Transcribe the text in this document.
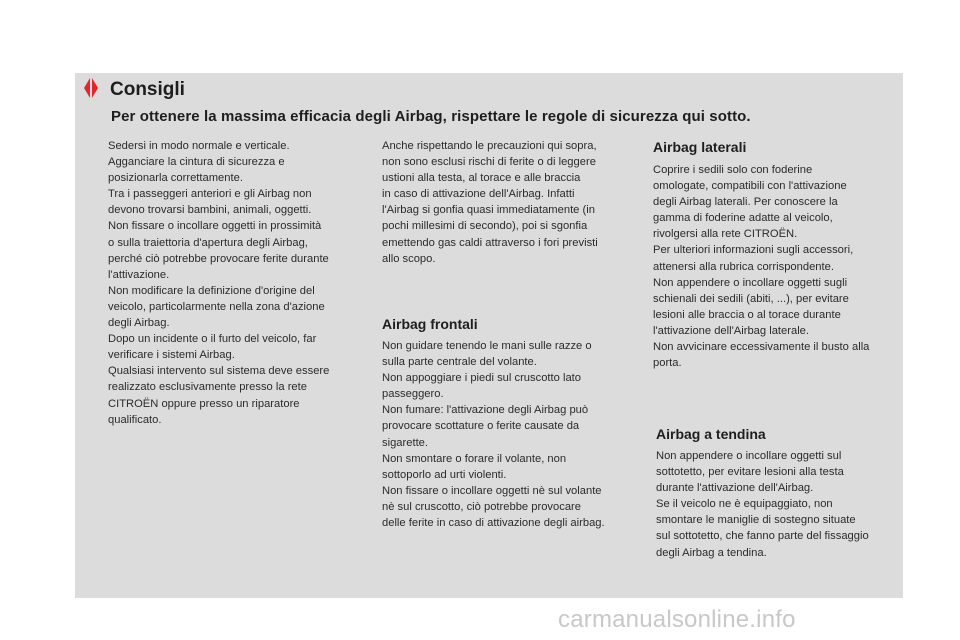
Consigli
Per ottenere la massima efficacia degli Airbag, rispettare le regole di sicurezza qui sotto.
Sedersi in modo normale e verticale.
Agganciare la cintura di sicurezza e
posizionarla correttamente.
Tra i passeggeri anteriori e gli Airbag non
devono trovarsi bambini, animali, oggetti.
Non fissare o incollare oggetti in prossimità
o sulla traiettoria d'apertura degli Airbag,
perché ciò potrebbe provocare ferite durante
l'attivazione.
Non modificare la definizione d'origine del
veicolo, particolarmente nella zona d'azione
degli Airbag.
Dopo un incidente o il furto del veicolo, far
verificare i sistemi Airbag.
Qualsiasi intervento sul sistema deve essere
realizzato esclusivamente presso la rete
CITROËN oppure presso un riparatore
qualificato.
Anche rispettando le precauzioni qui sopra,
non sono esclusi rischi di ferite o di leggere
ustioni alla testa, al torace e alle braccia
in caso di attivazione dell'Airbag. Infatti
l'Airbag si gonfia quasi immediatamente (in
pochi millesimi di secondo), poi si sgonfia
emettendo gas caldi attraverso i fori previsti
allo scopo.
Airbag frontali
Non guidare tenendo le mani sulle razze o
sulla parte centrale del volante.
Non appoggiare i piedi sul cruscotto lato
passeggero.
Non fumare: l'attivazione degli Airbag può
provocare scottature o ferite causate da
sigarette.
Non smontare o forare il volante, non
sottoporlo ad urti violenti.
Non fissare o incollare oggetti nè sul volante
nè sul cruscotto, ciò potrebbe provocare
delle ferite in caso di attivazione degli airbag.
Airbag laterali
Coprire i sedili solo con foderine
omologate, compatibili con l'attivazione
degli Airbag laterali. Per conoscere la
gamma di foderine adatte al veicolo,
rivolgersi alla rete CITROËN.
Per ulteriori informazioni sugli accessori,
attenersi alla rubrica corrispondente.
Non appendere o incollare oggetti sugli
schienali dei sedili (abiti, ...), per evitare
lesioni alle braccia o al torace durante
l'attivazione dell'Airbag laterale.
Non avvicinare eccessivamente il busto alla
porta.
Airbag a tendina
Non appendere o incollare oggetti sul
sottotetto, per evitare lesioni alla testa
durante l'attivazione dell'Airbag.
Se il veicolo ne è equipaggiato, non
smontare le maniglie di sostegno situate
sul sottotetto, che fanno parte del fissaggio
degli Airbag a tendina.
carmanualsonline.info
